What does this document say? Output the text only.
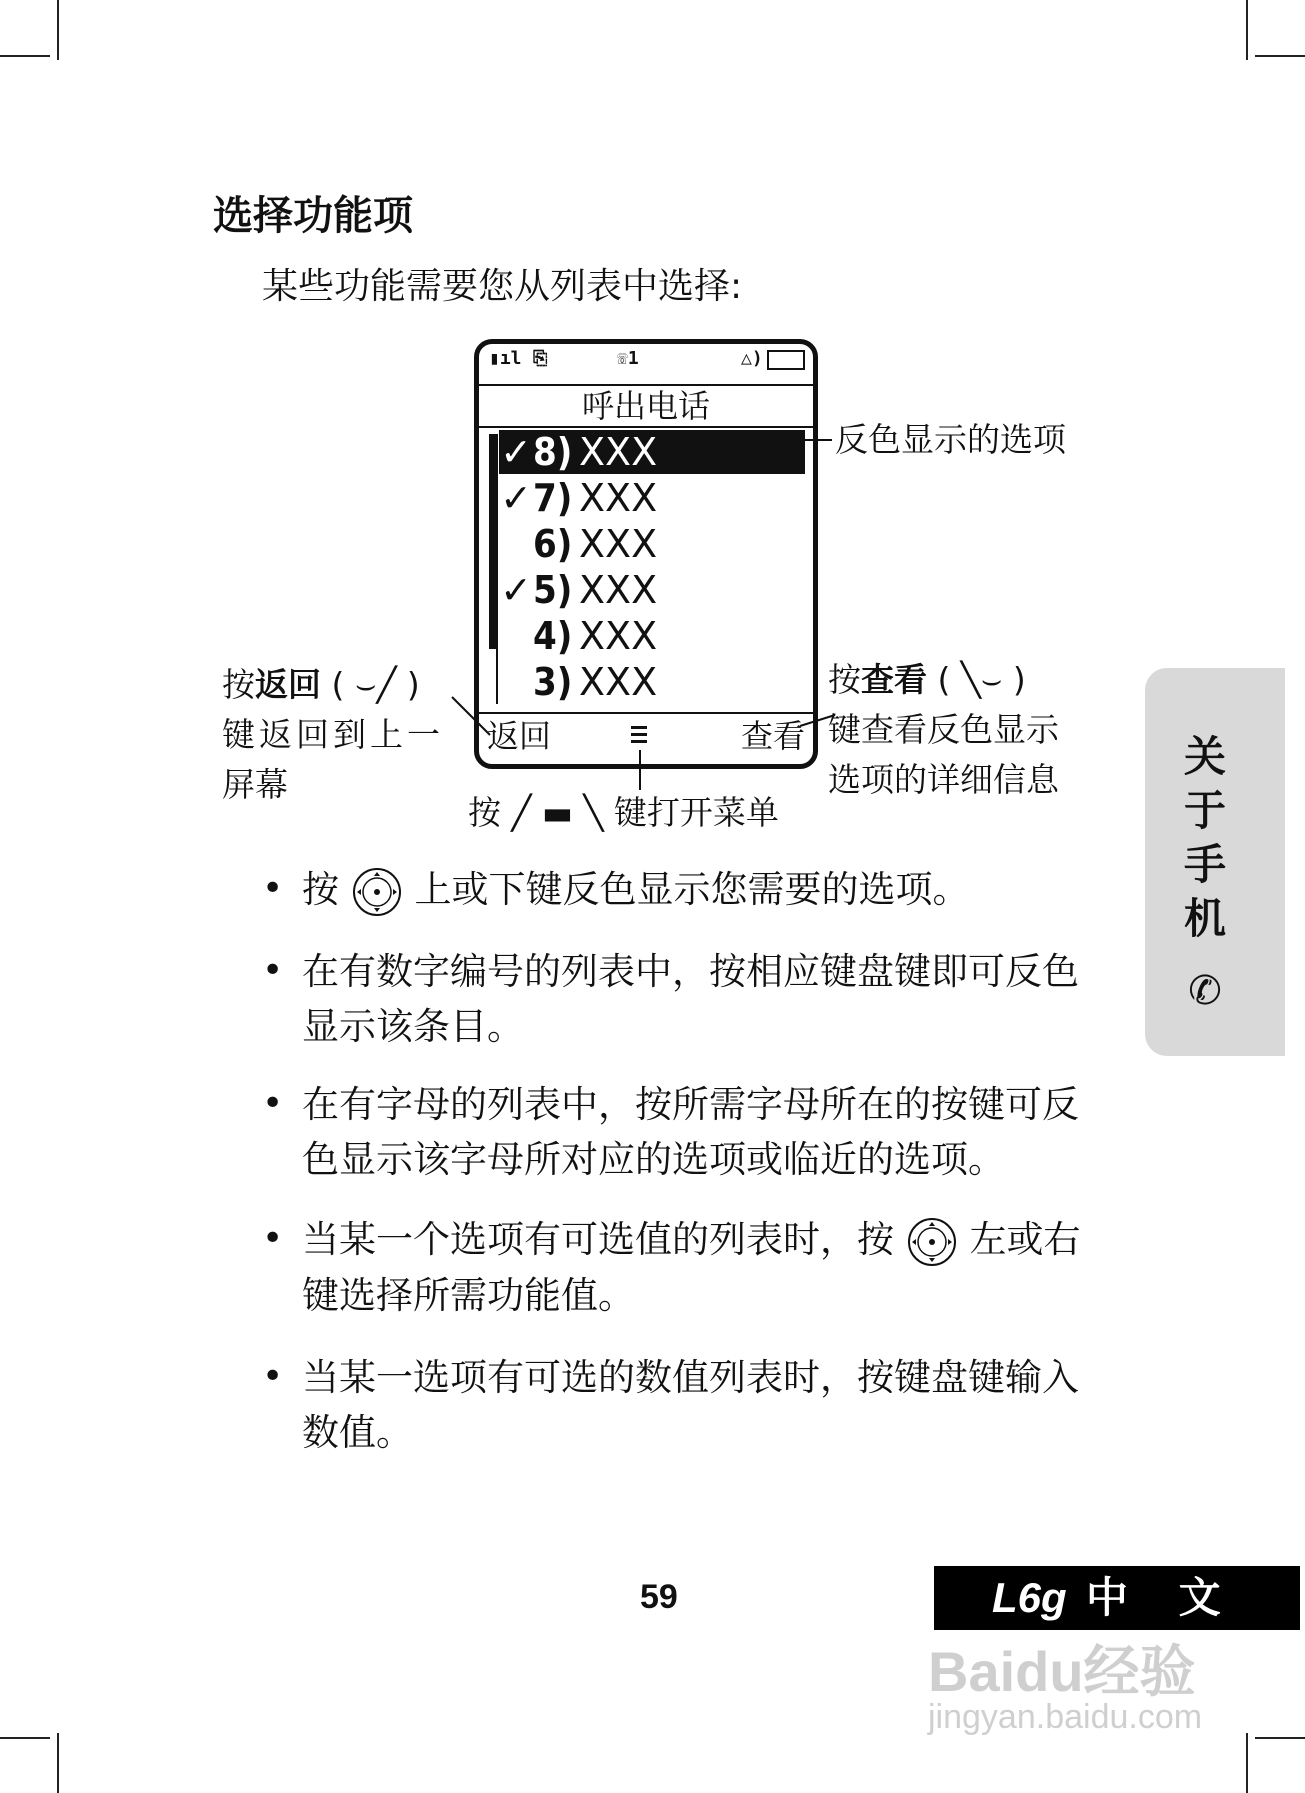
选择功能项
某些功能需要您从列表中选择:
▮ıl ⎘	☏1	△)
呼出电话
返回	查看
✓8) XXX
✓7) XXX
6) XXX
✓5) XXX
4) XXX
3) XXX
反色显示的选项
按返回 ( ⌣╱ )
键返回到上一
屏幕
按查看 ( ╲⌣ )
键查看反色显示
选项的详细信息
按 ╱ ▬ ╲ 键打开菜单
• 按 上或下键反色显示您需要的选项。
• 在有数字编号的列表中，按相应键盘键即可反色
显示该条目。
• 在有字母的列表中，按所需字母所在的按键可反
色显示该字母所对应的选项或临近的选项。
• 当某一个选项有可选值的列表时，按 左或右
键选择所需功能值。
• 当某一选项有可选的数值列表时，按键盘键输入
数值。
关
于
手
机
✆
59	L6g 中 文
Baidu经验
jingyan.baidu.com
